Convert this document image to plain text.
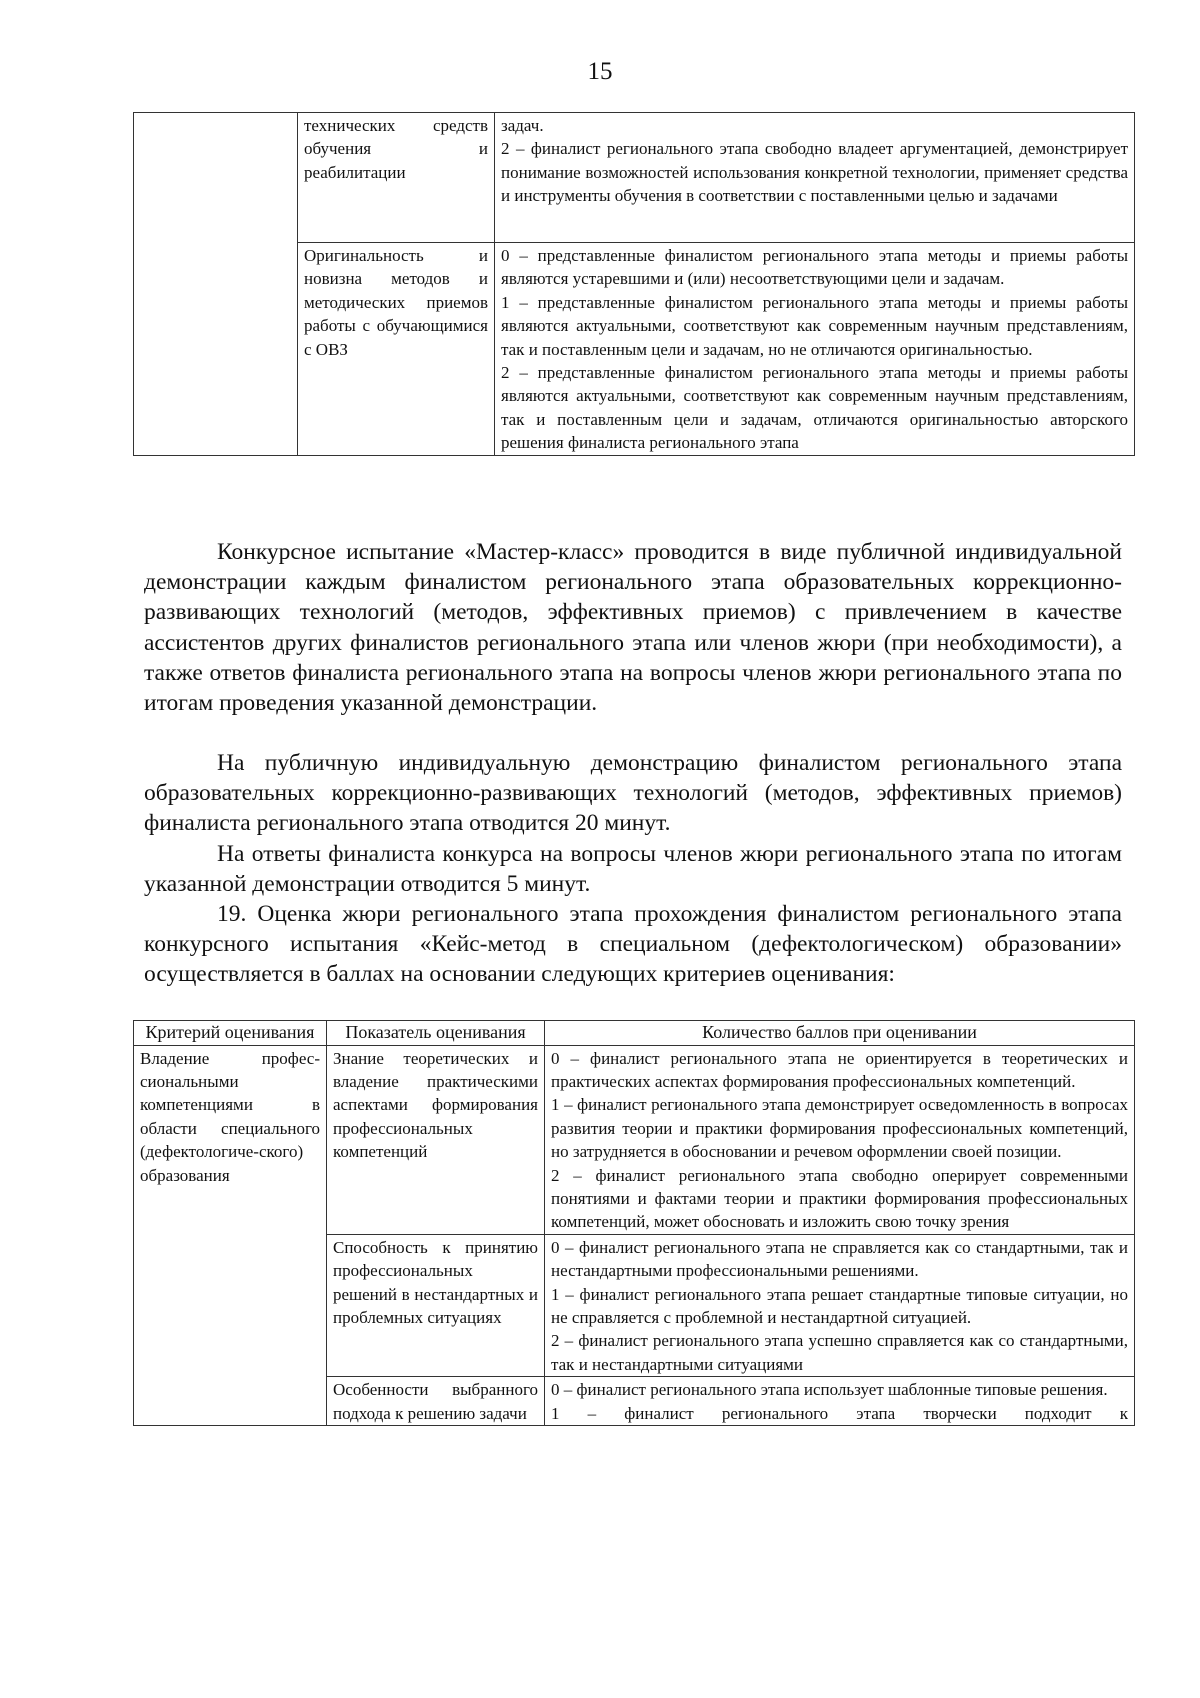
15
	технических средств обучения и реабилитации	задач.

2 – финалист регионального этапа свободно владеет аргументацией, демонстрирует понимание возможностей использования конкретной технологии, применяет средства и инструменты обучения в соответствии с поставленными целью и задачами

	Оригинальность и новизна методов и методических приемов работы с обучающимися с ОВЗ	0 – представленные финалистом регионального этапа методы и приемы работы являются устаревшими и (или) несоответствующими цели и задачам.

1 – представленные финалистом регионального этапа методы и приемы работы являются актуальными, соответствуют как современным научным представлениям, так и поставленным цели и задачам, но не отличаются оригинальностью.

2 – представленные финалистом регионального этапа методы и приемы работы являются актуальными, соответствуют как современным научным представлениям, так и поставленным цели и задачам, отличаются оригинальностью авторского решения финалиста регионального этапа

Конкурсное испытание «Мастер-класс» проводится в виде публичной индивидуальной демонстрации каждым финалистом регионального этапа образовательных коррекционно-развивающих технологий (методов, эффективных приемов) с привлечением в качестве ассистентов других финалистов регионального этапа или членов жюри (при необходимости), а также ответов финалиста регионального этапа на вопросы членов жюри регионального этапа по итогам проведения указанной демонстрации.

На публичную индивидуальную демонстрацию финалистом регионального этапа образовательных коррекционно-развивающих технологий (методов, эффективных приемов) финалиста регионального этапа отводится 20 минут.

На ответы финалиста конкурса на вопросы членов жюри регионального этапа по итогам указанной демонстрации отводится 5 минут.

19. Оценка жюри регионального этапа прохождения финалистом регионального этапа конкурсного испытания «Кейс-метод в специальном (дефектологическом) образовании» осуществляется в баллах на основании следующих критериев оценивания:

Критерий оценивания	Показатель оценивания	Количество баллов при оценивании
Владение профес-сиональными компетенциями в области специального (дефектологиче-ского) образования	Знание теоретических и владение практическими аспектами формирования профессиональных компетенций	0 – финалист регионального этапа не ориентируется в теоретических и практических аспектах формирования профессиональных компетенций.

1 – финалист регионального этапа демонстрирует осведомленность в вопросах развития теории и практики формирования профессиональных компетенций, но затрудняется в обосновании и речевом оформлении своей позиции.

2 – финалист регионального этапа свободно оперирует современными понятиями и фактами теории и практики формирования профессиональных компетенций, может обосновать и изложить свою точку зрения

	Способность к принятию профессиональных решений в нестандартных и проблемных ситуациях	0 – финалист регионального этапа не справляется как со стандартными, так и нестандартными профессиональными решениями.

1 – финалист регионального этапа решает стандартные типовые ситуации, но не справляется с проблемной и нестандартной ситуацией.

2 – финалист регионального этапа успешно справляется как со стандартными, так и нестандартными ситуациями

	Особенности выбранного подхода к решению задачи	0 – финалист регионального этапа использует шаблонные типовые решения.

1 – финалист регионального этапа творчески подходит к
